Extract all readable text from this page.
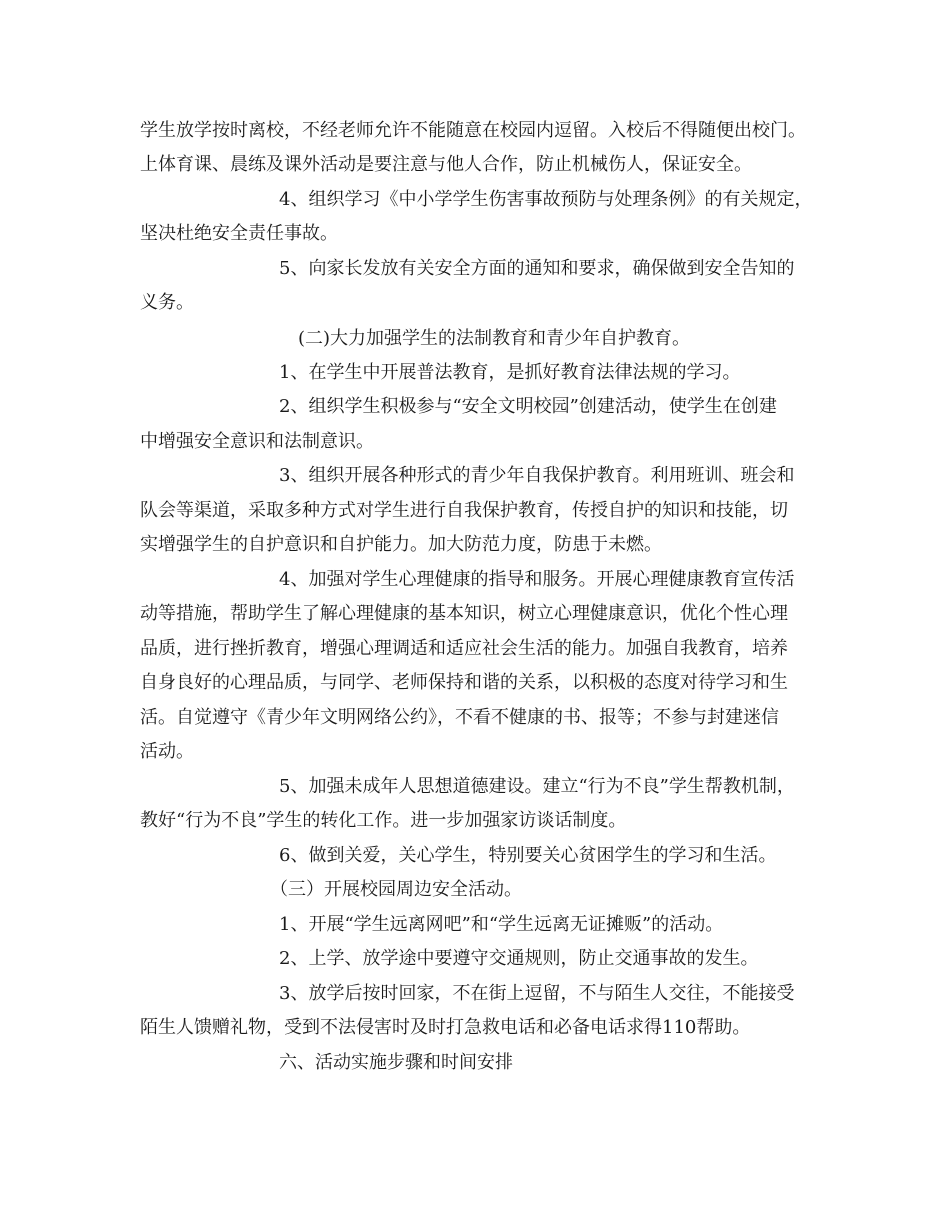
学生放学按时离校，不经老师允许不能随意在校园内逗留。入校后不得随便出校门。

上体育课、晨练及课外活动是要注意与他人合作，防止机械伤人，保证安全。

4、组织学习《中小学学生伤害事故预防与处理条例》的有关规定，

坚决杜绝安全责任事故。

5、向家长发放有关安全方面的通知和要求，确保做到安全告知的

义务。

(二)大力加强学生的法制教育和青少年自护教育。

1、在学生中开展普法教育，是抓好教育法律法规的学习。

2、组织学生积极参与“安全文明校园”创建活动，使学生在创建

中增强安全意识和法制意识。

3、组织开展各种形式的青少年自我保护教育。利用班训、班会和

队会等渠道，采取多种方式对学生进行自我保护教育，传授自护的知识和技能，切

实增强学生的自护意识和自护能力。加大防范力度，防患于未燃。

4、加强对学生心理健康的指导和服务。开展心理健康教育宣传活

动等措施，帮助学生了解心理健康的基本知识，树立心理健康意识，优化个性心理

品质，进行挫折教育，增强心理调适和适应社会生活的能力。加强自我教育，培养

自身良好的心理品质，与同学、老师保持和谐的关系，以积极的态度对待学习和生

活。自觉遵守《青少年文明网络公约》，不看不健康的书、报等；不参与封建迷信

活动。

5、加强未成年人思想道德建设。建立“行为不良”学生帮教机制，

教好“行为不良”学生的转化工作。进一步加强家访谈话制度。

6、做到关爱，关心学生，特别要关心贫困学生的学习和生活。

（三）开展校园周边安全活动。

1、开展“学生远离网吧”和“学生远离无证摊贩”的活动。

2、上学、放学途中要遵守交通规则，防止交通事故的发生。

3、放学后按时回家，不在街上逗留，不与陌生人交往，不能接受

陌生人馈赠礼物，受到不法侵害时及时打急救电话和必备电话求得110帮助。

六、活动实施步骤和时间安排
